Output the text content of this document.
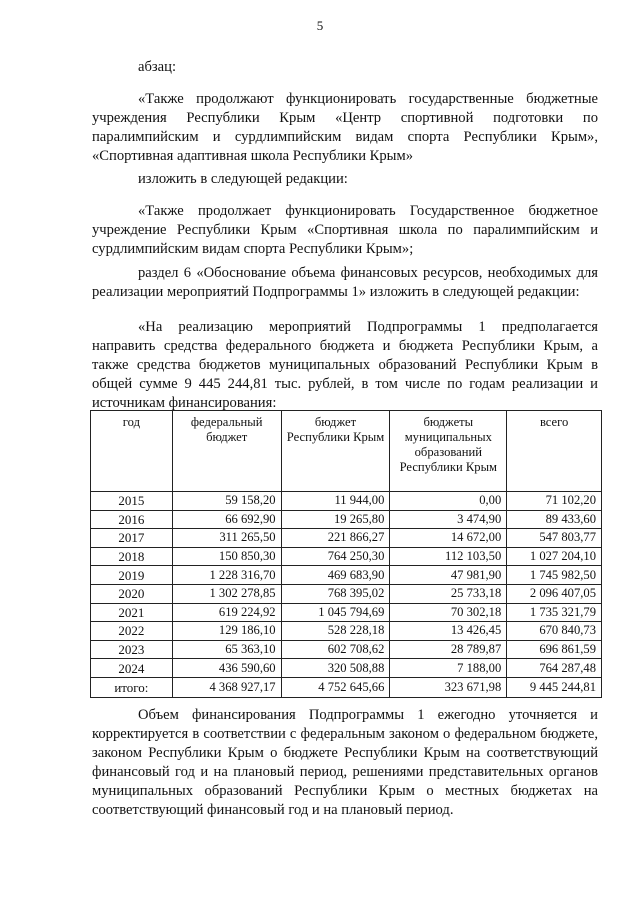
5

абзац:

«Также продолжают функционировать государственные бюджетные учреждения Республики Крым «Центр спортивной подготовки по паралимпийским и сурдлимпийским видам спорта Республики Крым», «Спортивная адаптивная школа Республики Крым»

изложить в следующей редакции:

«Также продолжает функционировать Государственное бюджетное учреждение Республики Крым «Спортивная школа по паралимпийским и сурдлимпийским видам спорта Республики Крым»;

раздел 6 «Обоснование объема финансовых ресурсов, необходимых для реализации мероприятий Подпрограммы 1» изложить в следующей редакции:

«На реализацию мероприятий Подпрограммы 1 предполагается направить средства федерального бюджета и бюджета Республики Крым, а также средства бюджетов муниципальных образований Республики Крым в общей сумме 9 445 244,81 тыс. рублей, в том числе по годам реализации и источникам финансирования:

год	федеральный бюджет	бюджет Республики Крым	бюджеты муниципальных образований Республики Крым	всего
2015	59 158,20	11 944,00	0,00	71 102,20
2016	66 692,90	19 265,80	3 474,90	89 433,60
2017	311 265,50	221 866,27	14 672,00	547 803,77
2018	150 850,30	764 250,30	112 103,50	1 027 204,10
2019	1 228 316,70	469 683,90	47 981,90	1 745 982,50
2020	1 302 278,85	768 395,02	25 733,18	2 096 407,05
2021	619 224,92	1 045 794,69	70 302,18	1 735 321,79
2022	129 186,10	528 228,18	13 426,45	670 840,73
2023	65 363,10	602 708,62	28 789,87	696 861,59
2024	436 590,60	320 508,88	7 188,00	764 287,48
итого:	4 368 927,17	4 752 645,66	323 671,98	9 445 244,81

Объем финансирования Подпрограммы 1 ежегодно уточняется и корректируется в соответствии с федеральным законом о федеральном бюджете, законом Республики Крым о бюджете Республики Крым на соответствующий финансовый год и на плановый период, решениями представительных органов муниципальных образований Республики Крым о местных бюджетах на соответствующий финансовый год и на плановый период.
